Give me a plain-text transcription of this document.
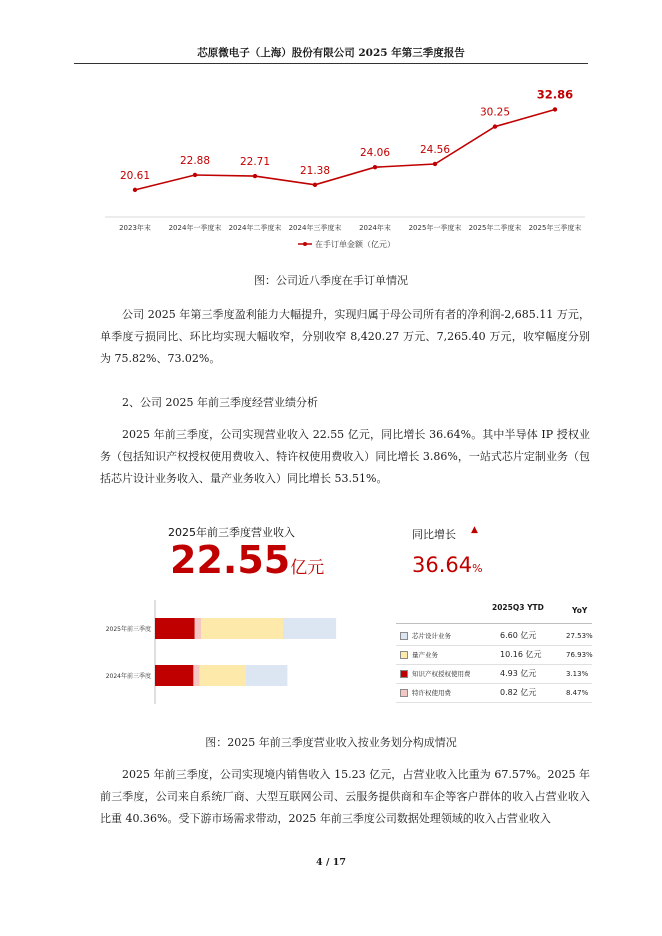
芯原微电子（上海）股份有限公司 2025 年第三季度报告
20.61
2023年末
22.88
2024年一季度末
22.71
2024年二季度末
21.38
2024年三季度末
24.06
2024年末
24.56
2025年一季度末
30.25
2025年二季度末
32.86
2025年三季度末
在手订单金额（亿元）
图：公司近八季度在手订单情况
公司 2025 年第三季度盈利能力大幅提升，实现归属于母公司所有者的净利润-2,685.11 万元，单季度亏损同比、环比均实现大幅收窄，分别收窄 8,420.27 万元、7,265.40 万元，收窄幅度分别为 75.82%、73.02%。
2、公司 2025 年前三季度经营业绩分析
2025 年前三季度，公司实现营业收入 22.55 亿元，同比增长 36.64%。其中半导体 IP 授权业务（包括知识产权授权使用费收入、特许权使用费收入）同比增长 3.86%，一站式芯片定制业务（包括芯片设计业务收入、量产业务收入）同比增长 53.51%。
2025年前三季度营业收入
22.55亿元
同比增长 ▲
36.64%
2025年前三季度
2024年前三季度
2025Q3 YTD	YoY
芯片设计业务	6.60 亿元	27.53%
量产业务	10.16 亿元	76.93%
知识产权授权使用费	4.93 亿元	3.13%
特许权使用费	0.82 亿元	8.47%
图：2025 年前三季度营业收入按业务划分构成情况
2025 年前三季度，公司实现境内销售收入 15.23 亿元，占营业收入比重为 67.57%。2025 年前三季度，公司来自系统厂商、大型互联网公司、云服务提供商和车企等客户群体的收入占营业收入比重 40.36%。受下游市场需求带动，2025 年前三季度公司数据处理领域的收入占营业收入
4 / 17
